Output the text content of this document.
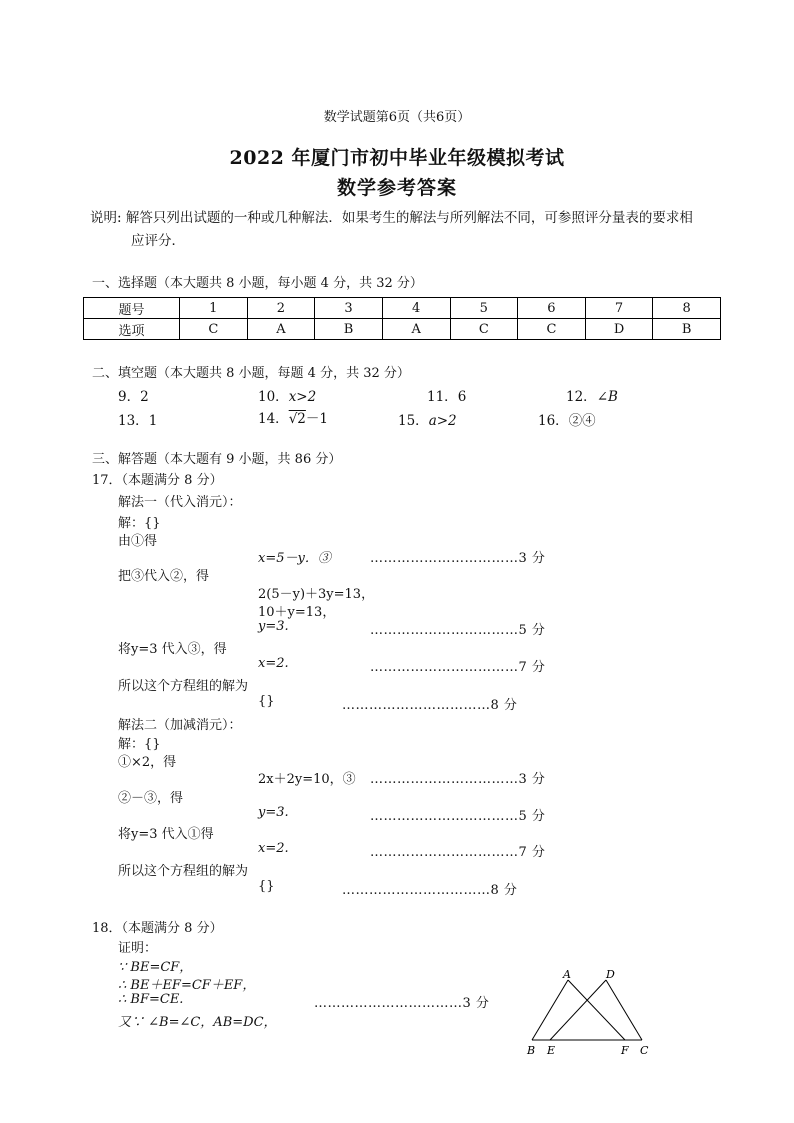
数学试题第6页（共6页）
2022 年厦门市初中毕业年级模拟考试
数学参考答案
说明: 解答只列出试题的一种或几种解法．如果考生的解法与所列解法不同，可参照评分量表的要求相
应评分．
一、选择题（本大题共 8 小题，每小题 4 分，共 32 分）
题号	1	2	3	4	5	6	7	8
选项	C	A	B	A	C	C	D	B
二、填空题（本大题共 8 小题，每题 4 分，共 32 分）
9．2	10．x>2	11．6	12．∠B
13．1	14．√2－1	15．a>2	16．②④
三、解答题（本大题有 9 小题，共 86 分）
17．（本题满分 8 分）
解法一（代入消元）：
解：{}
由①得
x=5－y．③	……………………………3 分
把③代入②，得
2(5－y)＋3y=13，
10＋y=13，
y=3.	……………………………5 分
将y=3 代入③，得
x=2.	……………………………7 分
所以这个方程组的解为
{}	……………………………8 分
解法二（加减消元）：
解：{}
①×2，得
2x＋2y=10，③ ……………………………3 分
②－③，得
y=3.	……………………………5 分
将y=3 代入①得
x=2.	……………………………7 分
所以这个方程组的解为
{}	……………………………8 分
18．（本题满分 8 分）
证明：
∵ BE=CF，
∴ BE＋EF=CF＋EF，
∴ BF=CE.	……………………………3 分
又∵ ∠B=∠C，AB=DC，
A	D
B E	F C
